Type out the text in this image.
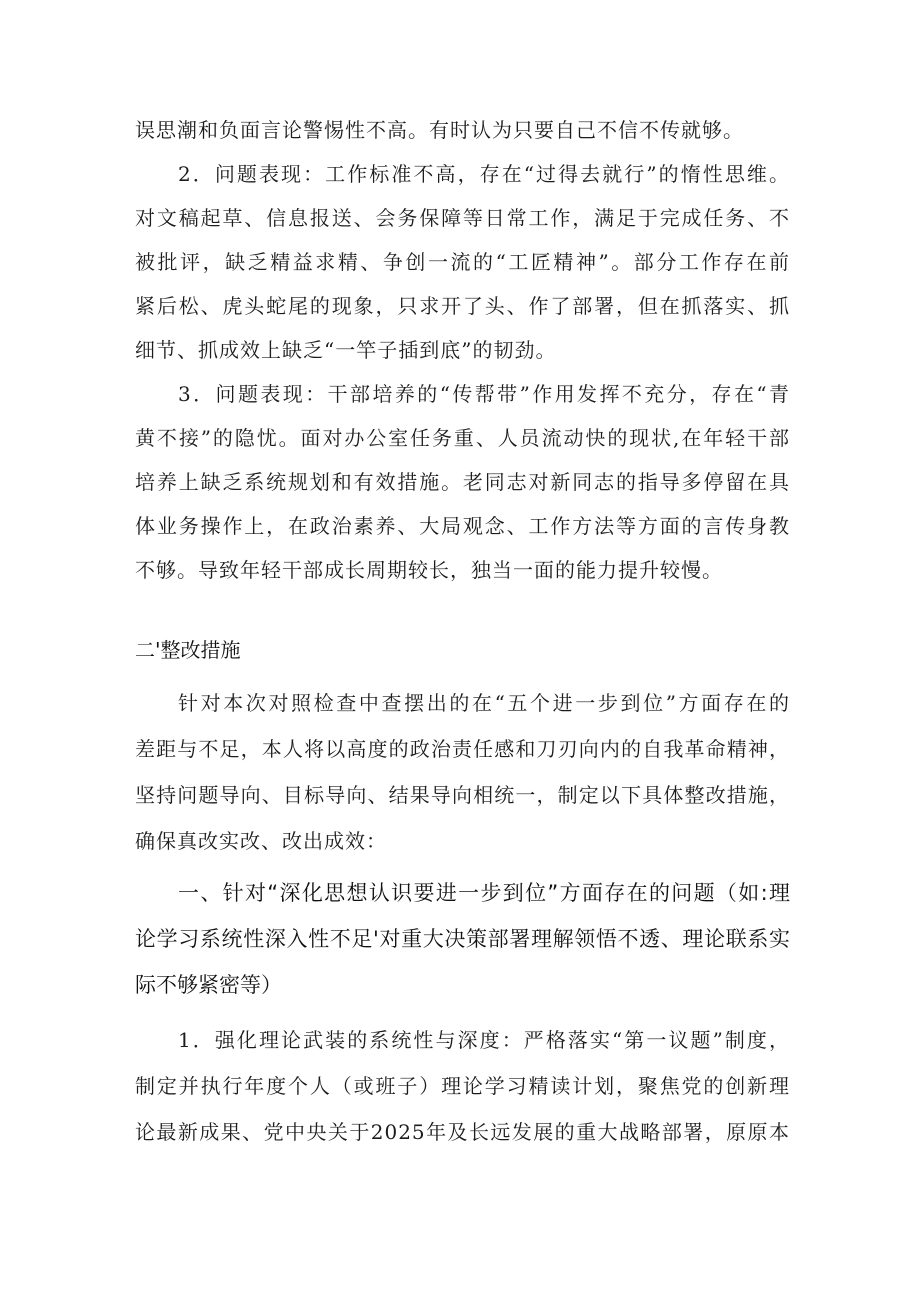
误思潮和负面言论警惕性不高。有时认为只要自己不信不传就够。
2．问题表现：工作标准不高，存在“过得去就行”的惰性思维。
对文稿起草、信息报送、会务保障等日常工作，满足于完成任务、不
被批评，缺乏精益求精、争创一流的“工匠精神”。部分工作存在前
紧后松、虎头蛇尾的现象，只求开了头、作了部署，但在抓落实、抓
细节、抓成效上缺乏“一竿子插到底”的韧劲。
3．问题表现：干部培养的“传帮带”作用发挥不充分，存在“青
黄不接”的隐忧。面对办公室任务重、人员流动快的现状,在年轻干部
培养上缺乏系统规划和有效措施。老同志对新同志的指导多停留在具
体业务操作上，在政治素养、大局观念、工作方法等方面的言传身教
不够。导致年轻干部成长周期较长，独当一面的能力提升较慢。
二'整改措施
针对本次对照检查中查摆出的在“五个进一步到位”方面存在的
差距与不足，本人将以高度的政治责任感和刀刃向内的自我革命精神，
坚持问题导向、目标导向、结果导向相统一，制定以下具体整改措施，
确保真改实改、改出成效：
一、针对“深化思想认识要进一步到位”方面存在的问题（如:理
论学习系统性深入性不足'对重大决策部署理解领悟不透、理论联系实
际不够紧密等）
1．强化理论武装的系统性与深度：严格落实“第一议题”制度，
制定并执行年度个人（或班子）理论学习精读计划，聚焦党的创新理
论最新成果、党中央关于2025年及长远发展的重大战略部署，原原本
